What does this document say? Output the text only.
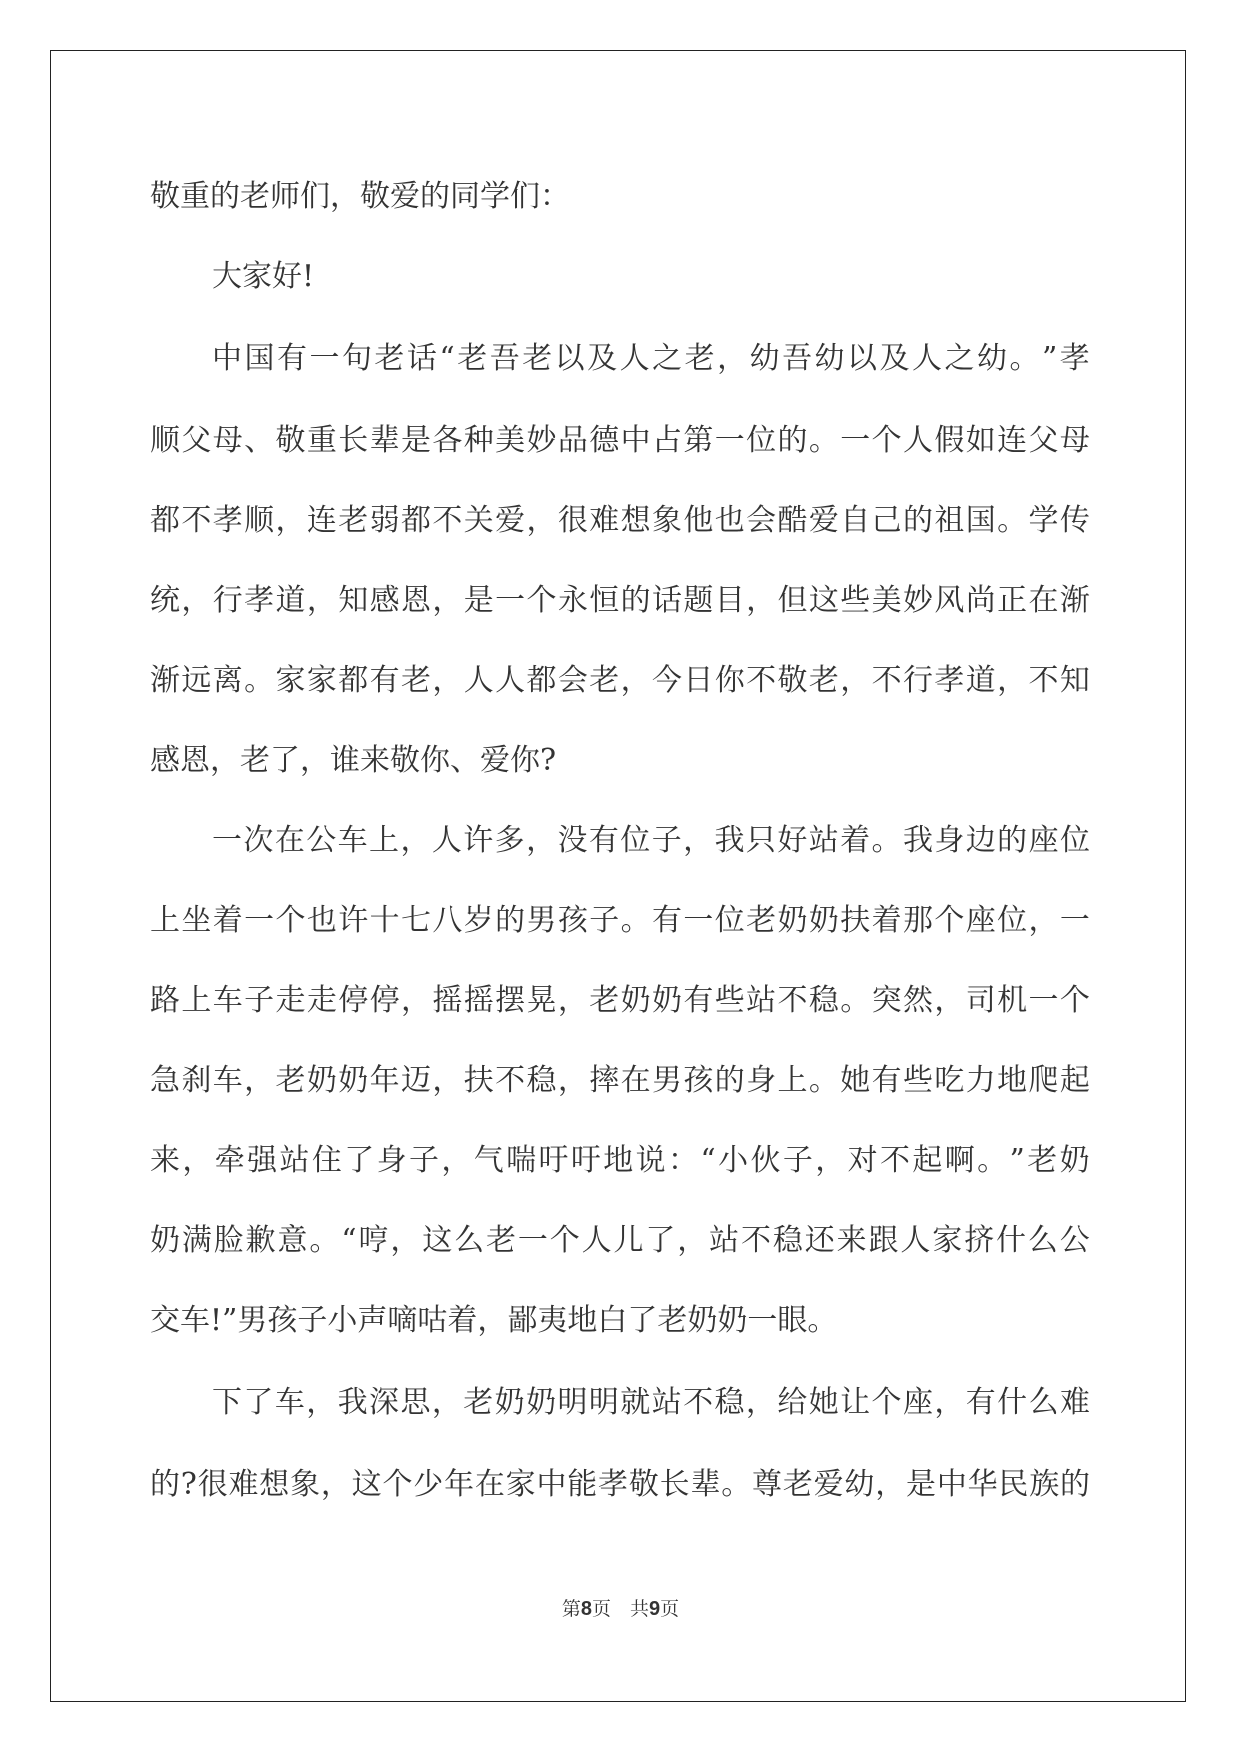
敬重的老师们，敬爱的同学们：
大家好!
中 国 有 一 句 老 话 “ 老 吾 老 以 及 人 之 老 ， 幼 吾 幼 以 及 人 之 幼 。 ” 孝
顺 父 母 、 敬 重 长 辈 是 各 种 美 妙 品 德 中 占 第 一 位 的 。 一 个 人 假 如 连 父 母
都 不 孝 顺 ， 连 老 弱 都 不 关 爱 ， 很 难 想 象 他 也 会 酷 爱 自 己 的 祖 国 。 学 传
统 ， 行 孝 道 ， 知 感 恩 ， 是 一 个 永 恒 的 话 题 目 ， 但 这 些 美 妙 风 尚 正 在 渐
渐 远 离 。 家 家 都 有 老 ， 人 人 都 会 老 ， 今 日 你 不 敬 老 ， 不 行 孝 道 ， 不 知
感恩，老了，谁来敬你、爱你?
一 次 在 公 车 上 ， 人 许 多 ， 没 有 位 子 ， 我 只 好 站 着 。 我 身 边 的 座 位
上 坐 着 一 个 也 许 十 七 八 岁 的 男 孩 子 。 有 一 位 老 奶 奶 扶 着 那 个 座 位 ， 一
路 上 车 子 走 走 停 停 ， 摇 摇 摆 晃 ， 老 奶 奶 有 些 站 不 稳 。 突 然 ， 司 机 一 个
急 刹 车 ， 老 奶 奶 年 迈 ， 扶 不 稳 ， 摔 在 男 孩 的 身 上 。 她 有 些 吃 力 地 爬 起
来 ， 牵 强 站 住 了 身 子 ， 气 喘 吁 吁 地 说 ： “ 小 伙 子 ， 对 不 起 啊 。 ” 老 奶
奶 满 脸 歉 意 。 “ 哼 ， 这 么 老 一 个 人 儿 了 ， 站 不 稳 还 来 跟 人 家 挤 什 么 公
交车!”男孩子小声嘀咕着，鄙夷地白了老奶奶一眼。
下 了 车 ， 我 深 思 ， 老 奶 奶 明 明 就 站 不 稳 ， 给 她 让 个 座 ， 有 什 么 难
的 ? 很 难 想 象 ， 这 个 少 年 在 家 中 能 孝 敬 长 辈 。 尊 老 爱 幼 ， 是 中 华 民 族 的
第8页　共9页
